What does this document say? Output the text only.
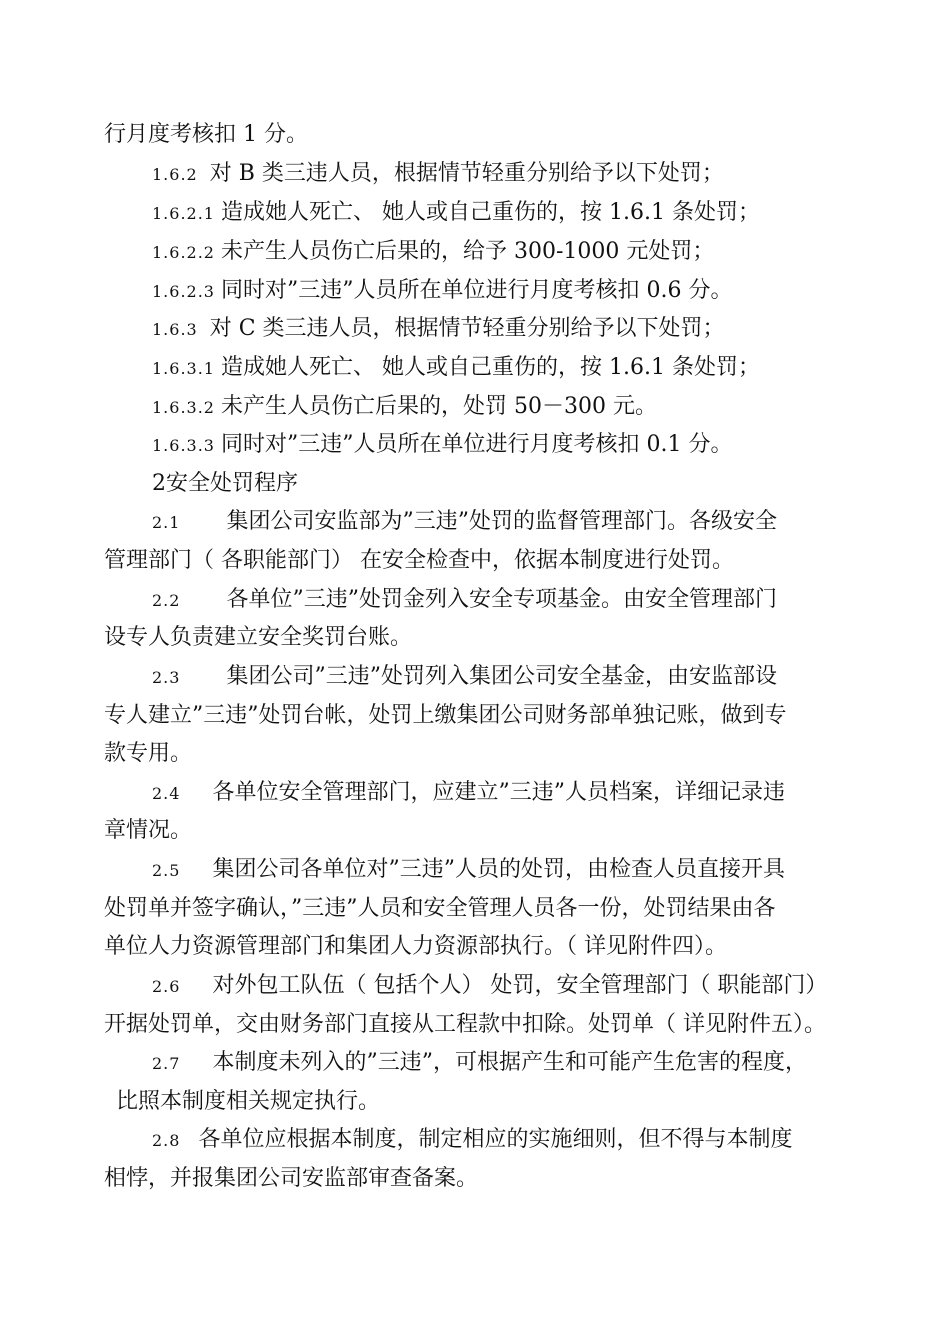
行月度考核扣 1 分。
1.6.2 对 B 类三违人员，根据情节轻重分别给予以下处罚；
1.6.2.1 造成她人死亡、 她人或自己重伤的，按 1.6.1 条处罚；
1.6.2.2 未产生人员伤亡后果的，给予 300-1000 元处罚；
1.6.2.3 同时对”三违”人员所在单位进行月度考核扣 0.6 分。
1.6.3 对 C 类三违人员，根据情节轻重分别给予以下处罚；
1.6.3.1 造成她人死亡、 她人或自己重伤的，按 1.6.1 条处罚；
1.6.3.2 未产生人员伤亡后果的，处罚 50－300 元。
1.6.3.3 同时对”三违”人员所在单位进行月度考核扣 0.1 分。
2安全处罚程序
2.1 集团公司安监部为”三违”处罚的监督管理部门。各级安全
管理部门（ 各职能部门） 在安全检查中，依据本制度进行处罚。
2.2 各单位”三违”处罚金列入安全专项基金。由安全管理部门
设专人负责建立安全奖罚台账。
2.3 集团公司”三违”处罚列入集团公司安全基金，由安监部设
专人建立”三违”处罚台帐，处罚上缴集团公司财务部单独记账，做到专
款专用。
2.4 各单位安全管理部门，应建立”三违”人员档案，详细记录违
章情况。
2.5 集团公司各单位对”三违”人员的处罚，由检查人员直接开具
处罚单并签字确认，”三违”人员和安全管理人员各一份，处罚结果由各
单位人力资源管理部门和集团人力资源部执行。（ 详见附件四）。
2.6 对外包工队伍（ 包括个人） 处罚，安全管理部门（ 职能部门）
开据处罚单，交由财务部门直接从工程款中扣除。处罚单（ 详见附件五）。
2.7 本制度未列入的”三违”，可根据产生和可能产生危害的程度，
比照本制度相关规定执行。
2.8 各单位应根据本制度，制定相应的实施细则，但不得与本制度
相悖，并报集团公司安监部审查备案。
